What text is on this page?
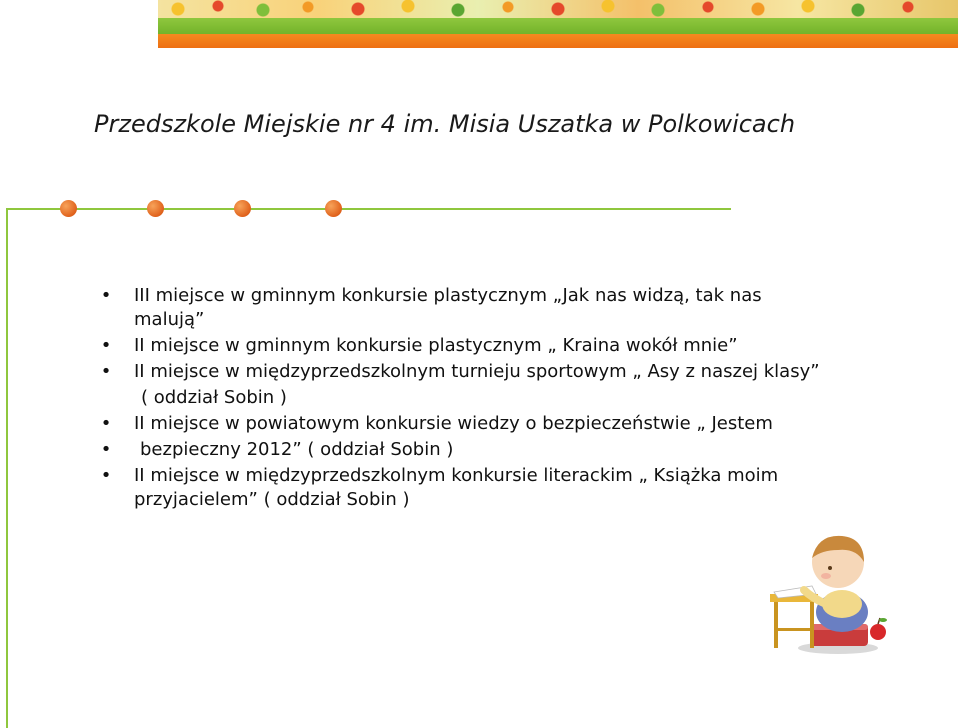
Przedszkole Miejskie nr 4 im. Misia Uszatka w Polkowicach
• III miejsce w gminnym konkursie plastycznym „Jak nas widzą, tak nas malują”
• II miejsce w gminnym konkursie plastycznym „ Kraina wokół mnie”
• II miejsce w międzyprzedszkolnym turnieju sportowym „ Asy z naszej klasy”
( oddział Sobin )
• II miejsce w powiatowym konkursie wiedzy o bezpieczeństwie „ Jestem
• bezpieczny 2012” ( oddział Sobin )
• II miejsce w międzyprzedszkolnym konkursie literackim „ Książka moim przyjacielem” ( oddział Sobin )
